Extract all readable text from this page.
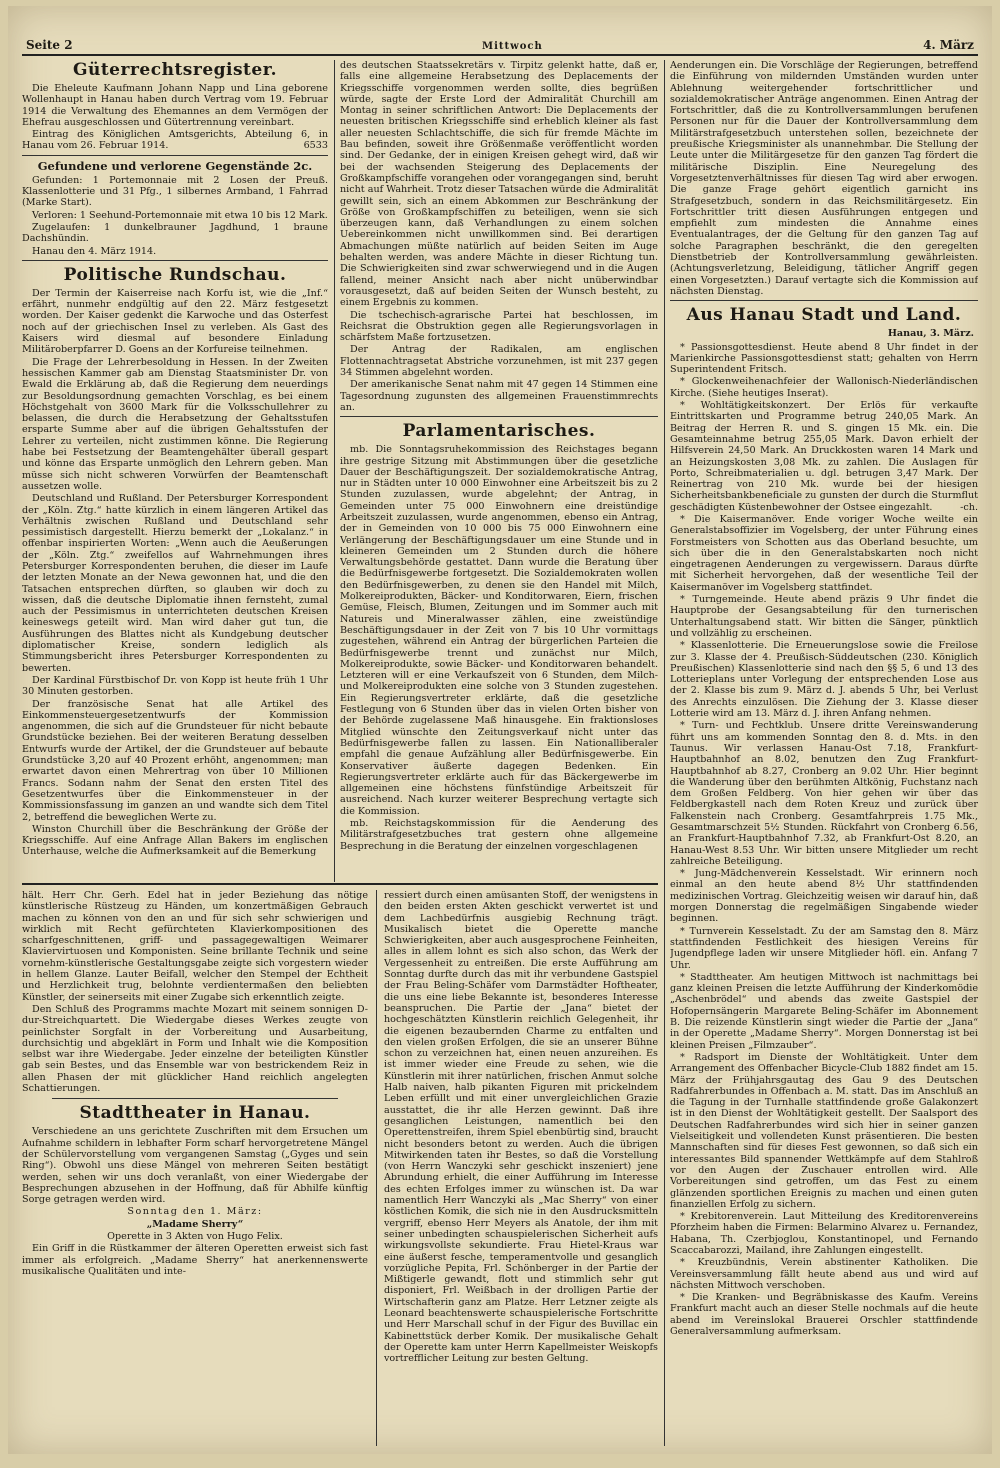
Seite 2	Mittwoch	4. März
Güterrechtsregister.

Die Eheleute Kaufmann Johann Napp und Lina geborene Wollenhaupt in Hanau haben durch Vertrag vom 19. Februar 1914 die Verwaltung des Ehemannes an dem Vermögen der Ehefrau ausgeschlossen und Gütertrennung vereinbart.

Eintrag des Königlichen Amtsgerichts, Abteilung 6, in Hanau vom 26. Februar 1914.	6533

Gefundene und verlorene Gegenstände 2c.

Gefunden: 1 Portemonnaie mit 2 Losen der Preuß. Klassenlotterie und 31 Pfg., 1 silbernes Armband, 1 Fahrrad (Marke Start).

Verloren: 1 Seehund-Portemonnaie mit etwa 10 bis 12 Mark.

Zugelaufen: 1 dunkelbrauner Jagdhund, 1 braune Dachshündin.

Hanau den 4. März 1914.

Politische Rundschau.

Der Termin der Kaiserreise nach Korfu ist, wie die „Inf.“ erfährt, nunmehr endgültig auf den 22. März festgesetzt worden. Der Kaiser gedenkt die Karwoche und das Osterfest noch auf der griechischen Insel zu verleben. Als Gast des Kaisers wird diesmal auf besondere Einladung Militäroberpfarrer D. Goens an der Korfureise teilnehmen.

Die Frage der Lehrerbesoldung in Hessen. In der Zweiten hessischen Kammer gab am Dienstag Staatsminister Dr. von Ewald die Erklärung ab, daß die Regierung dem neuerdings zur Besoldungsordnung gemachten Vorschlag, es bei einem Höchstgehalt von 3600 Mark für die Volksschullehrer zu belassen, die durch die Herabsetzung der Gehaltsstufen ersparte Summe aber auf die übrigen Gehaltsstufen der Lehrer zu verteilen, nicht zustimmen könne. Die Regierung habe bei Festsetzung der Beamtengehälter überall gespart und könne das Ersparte unmöglich den Lehrern geben. Man müsse sich nicht schweren Vorwürfen der Beamtenschaft aussetzen wolle.

Deutschland und Rußland. Der Petersburger Korrespondent der „Köln. Ztg.“ hatte kürzlich in einem längeren Artikel das Verhältnis zwischen Rußland und Deutschland sehr pessimistisch dargestellt. Hierzu bemerkt der „Lokalanz.“ in offenbar inspirierten Worten: „Wenn auch die Aeußerungen der „Köln. Ztg.“ zweifellos auf Wahrnehmungen ihres Petersburger Korrespondenten beruhen, die dieser im Laufe der letzten Monate an der Newa gewonnen hat, und die den Tatsachen entsprechen dürften, so glauben wir doch zu wissen, daß die deutsche Diplomatie ihnen fernsteht, zumal auch der Pessimismus in unterrichteten deutschen Kreisen keineswegs geteilt wird. Man wird daher gut tun, die Ausführungen des Blattes nicht als Kundgebung deutscher diplomatischer Kreise, sondern lediglich als Stimmungsbericht ihres Petersburger Korrespondenten zu bewerten.

Der Kardinal Fürstbischof Dr. von Kopp ist heute früh 1 Uhr 30 Minuten gestorben.

Der französische Senat hat alle Artikel des Einkommensteuergesetzentwurfs der Kommission angenommen, die sich auf die Grundsteuer für nicht bebaute Grundstücke beziehen. Bei der weiteren Beratung desselben Entwurfs wurde der Artikel, der die Grundsteuer auf bebaute Grundstücke 3,20 auf 40 Prozent erhöht, angenommen; man erwartet davon einen Mehrertrag von über 10 Millionen Francs. Sodann nahm der Senat den ersten Titel des Gesetzentwurfes über die Einkommensteuer in der Kommissionsfassung im ganzen an und wandte sich dem Titel 2, betreffend die beweglichen Werte zu.

Winston Churchill über die Beschränkung der Größe der Kriegsschiffe. Auf eine Anfrage Allan Bakers im englischen Unterhause, welche die Aufmerksamkeit auf die Bemerkung

des deutschen Staatssekretärs v. Tirpitz gelenkt hatte, daß er, falls eine allgemeine Herabsetzung des Deplacements der Kriegsschiffe vorgenommen werden sollte, dies begrüßen würde, sagte der Erste Lord der Admiralität Churchill am Montag in seiner schriftlichen Antwort: Die Deplacements der neuesten britischen Kriegsschiffe sind erheblich kleiner als fast aller neuesten Schlachtschiffe, die sich für fremde Mächte im Bau befinden, soweit ihre Größenmaße veröffentlicht worden sind. Der Gedanke, der in einigen Kreisen gehegt wird, daß wir bei der wachsenden Steigerung des Deplacements der Großkampfschiffe vorangehen oder vorangegangen sind, beruht nicht auf Wahrheit. Trotz dieser Tatsachen würde die Admiralität gewillt sein, sich an einem Abkommen zur Beschränkung der Größe von Großkampfschiffen zu beteiligen, wenn sie sich überzeugen kann, daß Verhandlungen zu einem solchen Uebereinkommen nicht unwillkommen sind. Bei derartigen Abmachungen müßte natürlich auf beiden Seiten im Auge behalten werden, was andere Mächte in dieser Richtung tun. Die Schwierigkeiten sind zwar schwerwiegend und in die Augen fallend, meiner Ansicht nach aber nicht unüberwindbar vorausgesetzt, daß auf beiden Seiten der Wunsch besteht, zu einem Ergebnis zu kommen.

Die tschechisch-agrarische Partei hat beschlossen, im Reichsrat die Obstruktion gegen alle Regierungsvorlagen in schärfstem Maße fortzusetzen.

Der Antrag der Radikalen, am englischen Flottennachtragsetat Abstriche vorzunehmen, ist mit 237 gegen 34 Stimmen abgelehnt worden.

Der amerikanische Senat nahm mit 47 gegen 14 Stimmen eine Tagesordnung zugunsten des allgemeinen Frauenstimmrechts an.

Parlamentarisches.

mb. Die Sonntagsruhekommission des Reichstages begann ihre gestrige Sitzung mit Abstimmungen über die gesetzliche Dauer der Beschäftigungszeit. Der sozialdemokratische Antrag, nur in Städten unter 10 000 Einwohner eine Arbeitszeit bis zu 2 Stunden zuzulassen, wurde abgelehnt; der Antrag, in Gemeinden unter 75 000 Einwohnern eine dreistündige Arbeitszeit zuzulassen, wurde angenommen, ebenso ein Antrag, der in Gemeinden von 10 000 bis 75 000 Einwohnern eine Verlängerung der Beschäftigungsdauer um eine Stunde und in kleineren Gemeinden um 2 Stunden durch die höhere Verwaltungsbehörde gestattet. Dann wurde die Beratung über die Bedürfnisgewerbe fortgesetzt. Die Sozialdemokraten wollen den Bedürfnisgewerben, zu denen sie den Handel mit Milch, Molkereiprodukten, Bäcker- und Konditorwaren, Eiern, frischen Gemüse, Fleisch, Blumen, Zeitungen und im Sommer auch mit Natureis und Mineralwasser zählen, eine zweistündige Beschäftigungsdauer in der Zeit von 7 bis 10 Uhr vormittags zugestehen, während ein Antrag der bürgerlichen Parteien die Bedürfnisgewerbe trennt und zunächst nur Milch, Molkereiprodukte, sowie Bäcker- und Konditorwaren behandelt. Letzteren will er eine Verkaufszeit von 6 Stunden, dem Milch- und Molkereiprodukten eine solche von 3 Stunden zugestehen. Ein Regierungsvertreter erklärte, daß die gesetzliche Festlegung von 6 Stunden über das in vielen Orten bisher von der Behörde zugelassene Maß hinausgehe. Ein fraktionsloses Mitglied wünschte den Zeitungsverkauf nicht unter das Bedürfnisgewerbe fallen zu lassen. Ein Nationalliberaler empfahl die genaue Aufzählung aller Bedürfnisgewerbe. Ein Konservativer äußerte dagegen Bedenken. Ein Regierungsvertreter erklärte auch für das Bäckergewerbe im allgemeinen eine höchstens fünfstündige Arbeitszeit für ausreichend. Nach kurzer weiterer Besprechung vertagte sich die Kommission.

mb. Reichstagskommission für die Aenderung des Militärstrafgesetzbuches trat gestern ohne allgemeine Besprechung in die Beratung der einzelnen vorgeschlagenen

Aenderungen ein. Die Vorschläge der Regierungen, betreffend die Einführung von mildernden Umständen wurden unter Ablehnung weitergehender fortschrittlicher und sozialdemokratischer Anträge angenommen. Einen Antrag der Fortschrittler, daß die zu Kontrollversammlungen berufenen Personen nur für die Dauer der Kontrollversammlung dem Militärstrafgesetzbuch unterstehen sollen, bezeichnete der preußische Kriegsminister als unannehmbar. Die Stellung der Leute unter die Militärgesetze für den ganzen Tag fördert die militärische Disziplin. Eine Neuregelung des Vorgesetztenverhältnisses für diesen Tag wird aber erwogen. Die ganze Frage gehört eigentlich garnicht ins Strafgesetzbuch, sondern in das Reichsmilitärgesetz. Ein Fortschrittler tritt diesen Ausführungen entgegen und empfiehlt zum mindesten die Annahme eines Eventualantrages, der die Geltung für den ganzen Tag auf solche Paragraphen beschränkt, die den geregelten Dienstbetrieb der Kontrollversammlung gewährleisten. (Achtungsverletzung, Beleidigung, tätlicher Angriff gegen einen Vorgesetzten.) Darauf vertagte sich die Kommission auf nächsten Dienstag.

Aus Hanau Stadt und Land.
Hanau, 3. März.

* Passionsgottesdienst. Heute abend 8 Uhr findet in der Marienkirche Passionsgottesdienst statt; gehalten von Herrn Superintendent Fritsch.

* Glockenweihenachfeier der Wallonisch-Niederländischen Kirche. (Siehe heutiges Inserat).

* Wohltätigkeitskonzert. Der Erlös für verkaufte Eintrittskarten und Programme betrug 240,05 Mark. An Beitrag der Herren R. und S. gingen 15 Mk. ein. Die Gesamteinnahme betrug 255,05 Mark. Davon erhielt der Hilfsverein 24,50 Mark. An Druckkosten waren 14 Mark und an Heizungskosten 3,08 Mk. zu zahlen. Die Auslagen für Porto, Schreibmaterialien u. dgl. betrugen 3,47 Mark. Der Reinertrag von 210 Mk. wurde bei der hiesigen Sicherheitsbankbeneficiale zu gunsten der durch die Sturmflut geschädigten Küstenbewohner der Ostsee eingezahlt.	-ch.

* Die Kaisermanöver. Ende voriger Woche weilte ein Generalstabsoffizier im Vogelsberg, der unter Führung eines Forstmeisters von Schotten aus das Oberland besuchte, um sich über die in den Generalstabskarten noch nicht eingetragenen Aenderungen zu vergewissern. Daraus dürfte mit Sicherheit hervorgehen, daß der wesentliche Teil der Kaisermanöver im Vogelsberg stattfindet.

* Turngemeinde. Heute abend präzis 9 Uhr findet die Hauptprobe der Gesangsabteilung für den turnerischen Unterhaltungsabend statt. Wir bitten die Sänger, pünktlich und vollzählig zu erscheinen.

* Klassenlotterie. Die Erneuerungslose sowie die Freilose zur 3. Klasse der 4. Preußisch-Süddeutschen (230. Königlich Preußischen) Klassenlotterie sind nach den §§ 5, 6 und 13 des Lotterieplans unter Vorlegung der entsprechenden Lose aus der 2. Klasse bis zum 9. März d. J. abends 5 Uhr, bei Verlust des Anrechts einzulösen. Die Ziehung der 3. Klasse dieser Lotterie wird am 13. März d. J. ihren Anfang nehmen.

* Turn- und Fechtklub. Unsere dritte Vereinswanderung führt uns am kommenden Sonntag den 8. d. Mts. in den Taunus. Wir verlassen Hanau-Ost 7.18, Frankfurt-Hauptbahnhof an 8.02, benutzen den Zug Frankfurt-Hauptbahnhof ab 8.27, Cronberg an 9.02 Uhr. Hier beginnt die Wanderung über den berühmten Altkönig, Fuchstanz nach dem Großen Feldberg. Von hier gehen wir über das Feldbergkastell nach dem Roten Kreuz und zurück über Falkenstein nach Cronberg. Gesamtfahrpreis 1.75 Mk., Gesamtmarschzeit 5½ Stunden. Rückfahrt von Cronberg 6.56, an Frankfurt-Hauptbahnhof 7.32, ab Frankfurt-Ost 8.20, an Hanau-West 8.53 Uhr. Wir bitten unsere Mitglieder um recht zahlreiche Beteiligung.

* Jung-Mädchenverein Kesselstadt. Wir erinnern noch einmal an den heute abend 8½ Uhr stattfindenden medizinischen Vortrag. Gleichzeitig weisen wir darauf hin, daß morgen Donnerstag die regelmäßigen Singabende wieder beginnen.

* Turnverein Kesselstadt. Zu der am Samstag den 8. März stattfindenden Festlichkeit des hiesigen Vereins für Jugendpflege laden wir unsere Mitglieder höfl. ein. Anfang 7 Uhr.

* Stadttheater. Am heutigen Mittwoch ist nachmittags bei ganz kleinen Preisen die letzte Aufführung der Kinderkomödie „Aschenbrödel“ und abends das zweite Gastspiel der Hofopernsängerin Margarete Beling-Schäfer im Abonnement B. Die reizende Künstlerin singt wieder die Partie der „Jana“ in der Operette „Madame Sherry“. Morgen Donnerstag ist bei kleinen Preisen „Filmzauber“.

* Radsport im Dienste der Wohltätigkeit. Unter dem Arrangement des Offenbacher Bicycle-Club 1882 findet am 15. März der Frühjahrsgautag des Gau 9 des Deutschen Radfahrerbundes in Offenbach a. M. statt. Das im Anschluß an die Tagung in der Turnhalle stattfindende große Galakonzert ist in den Dienst der Wohltätigkeit gestellt. Der Saalsport des Deutschen Radfahrerbundes wird sich hier in seiner ganzen Vielseitigkeit und vollendeten Kunst präsentieren. Die besten Mannschaften sind für dieses Fest gewonnen, so daß sich ein interessantes Bild spannender Wettkämpfe auf dem Stahlroß vor den Augen der Zuschauer entrollen wird. Alle Vorbereitungen sind getroffen, um das Fest zu einem glänzenden sportlichen Ereignis zu machen und einen guten finanziellen Erfolg zu sichern.

* Krebitorenverein. Laut Mitteilung des Kreditorenvereins Pforzheim haben die Firmen: Belarmino Alvarez u. Fernandez, Habana, Th. Czerbjoglou, Konstantinopel, und Fernando Scaccabarozzi, Mailand, ihre Zahlungen eingestellt.

* Kreuzbündnis, Verein abstinenter Katholiken. Die Vereinsversammlung fällt heute abend aus und wird auf nächsten Mittwoch verschoben.

* Die Kranken- und Begräbniskasse des Kaufm. Vereins Frankfurt macht auch an dieser Stelle nochmals auf die heute abend im Vereinslokal Brauerei Orschler stattfindende Generalversammlung aufmerksam.

hält. Herr Chr. Gerh. Edel hat in jeder Beziehung das nötige künstlerische Rüstzeug zu Händen, um konzertmäßigen Gebrauch machen zu können von den an und für sich sehr schwierigen und wirklich mit Recht gefürchteten Klavierkompositionen des scharfgeschnittenen, griff- und passagegewaltigen Weimarer Klaviervirtuosen und Komponisten. Seine brillante Technik und seine vornehm-künstlerische Gestaltungsgabe zeigte sich vorgestern wieder in hellem Glanze. Lauter Beifall, welcher den Stempel der Echtheit und Herzlichkeit trug, belohnte verdientermaßen den beliebten Künstler, der seinerseits mit einer Zugabe sich erkenntlich zeigte.

Den Schluß des Programms machte Mozart mit seinem sonnigen D-dur-Streichquartett. Die Wiedergabe dieses Werkes zeugte von peinlichster Sorgfalt in der Vorbereitung und Ausarbeitung, durchsichtig und abgeklärt in Form und Inhalt wie die Komposition selbst war ihre Wiedergabe. Jeder einzelne der beteiligten Künstler gab sein Bestes, und das Ensemble war von bestrickendem Reiz in allen Phasen der mit glücklicher Hand reichlich angelegten Schattierungen.

Stadttheater in Hanau.

Verschiedene an uns gerichtete Zuschriften mit dem Ersuchen um Aufnahme schildern in lebhafter Form scharf hervorgetretene Mängel der Schülervorstellung vom vergangenen Samstag („Gyges und sein Ring“). Obwohl uns diese Mängel von mehreren Seiten bestätigt werden, sehen wir uns doch veranlaßt, von einer Wiedergabe der Besprechungen abzusehen in der Hoffnung, daß für Abhilfe künftig Sorge getragen werden wird.

Sonntag den 1. März:

„Madame Sherry“

Operette in 3 Akten von Hugo Felix.

Ein Griff in die Rüstkammer der älteren Operetten erweist sich fast immer als erfolgreich. „Madame Sherry“ hat anerkennenswerte musikalische Qualitäten und inte-

ressiert durch einen amüsanten Stoff, der wenigstens in den beiden ersten Akten geschickt verwertet ist und dem Lachbedürfnis ausgiebig Rechnung trägt. Musikalisch bietet die Operette manche Schwierigkeiten, aber auch ausgesprochene Feinheiten, alles in allem lohnt es sich also schon, das Werk der Vergessenheit zu entreißen. Die erste Aufführung am Sonntag durfte durch das mit ihr verbundene Gastspiel der Frau Beling-Schäfer vom Darmstädter Hoftheater, die uns eine liebe Bekannte ist, besonderes Interesse beanspruchen. Die Partie der „Jana“ bietet der hochgeschätzten Künstlerin reichlich Gelegenheit, ihr die eigenen bezaubernden Charme zu entfalten und den vielen großen Erfolgen, die sie an unserer Bühne schon zu verzeichnen hat, einen neuen anzureihen. Es ist immer wieder eine Freude zu sehen, wie die Künstlerin mit ihrer natürlichen, frischen Anmut solche Halb naiven, halb pikanten Figuren mit prickelndem Leben erfüllt und mit einer unvergleichlichen Grazie ausstattet, die ihr alle Herzen gewinnt. Daß ihre gesanglichen Leistungen, namentlich bei den Operettenstreifen, ihrem Spiel ebenbürtig sind, braucht nicht besonders betont zu werden. Auch die übrigen Mitwirkenden taten ihr Bestes, so daß die Vorstellung (von Herrn Wanczyki sehr geschickt inszeniert) jene Abrundung erhielt, die einer Aufführung im Interesse des echten Erfolges immer zu wünschen ist. Da war namentlich Herr Wanczyki als „Mac Sherry“ von einer köstlichen Komik, die sich nie in den Ausdrucksmitteln vergriff, ebenso Herr Meyers als Anatole, der ihm mit seiner unbedingten schauspielerischen Sicherheit aufs wirkungsvollste sekundierte. Frau Hietel-Kraus war eine äußerst fesche, temperamentvolle und gesanglich vorzügliche Pepita, Frl. Schönberger in der Partie der Mißtigerle gewandt, flott und stimmlich sehr gut disponiert, Frl. Weißbach in der drolligen Partie der Wirtschafterin ganz am Platze. Herr Letzner zeigte als Leonard beachtenswerte schauspielerische Fortschritte und Herr Marschall schuf in der Figur des Buvillac ein Kabinettstück derber Komik. Der musikalische Gehalt der Operette kam unter Herrn Kapellmeister Weiskopfs vortrefflicher Leitung zur besten Geltung.
